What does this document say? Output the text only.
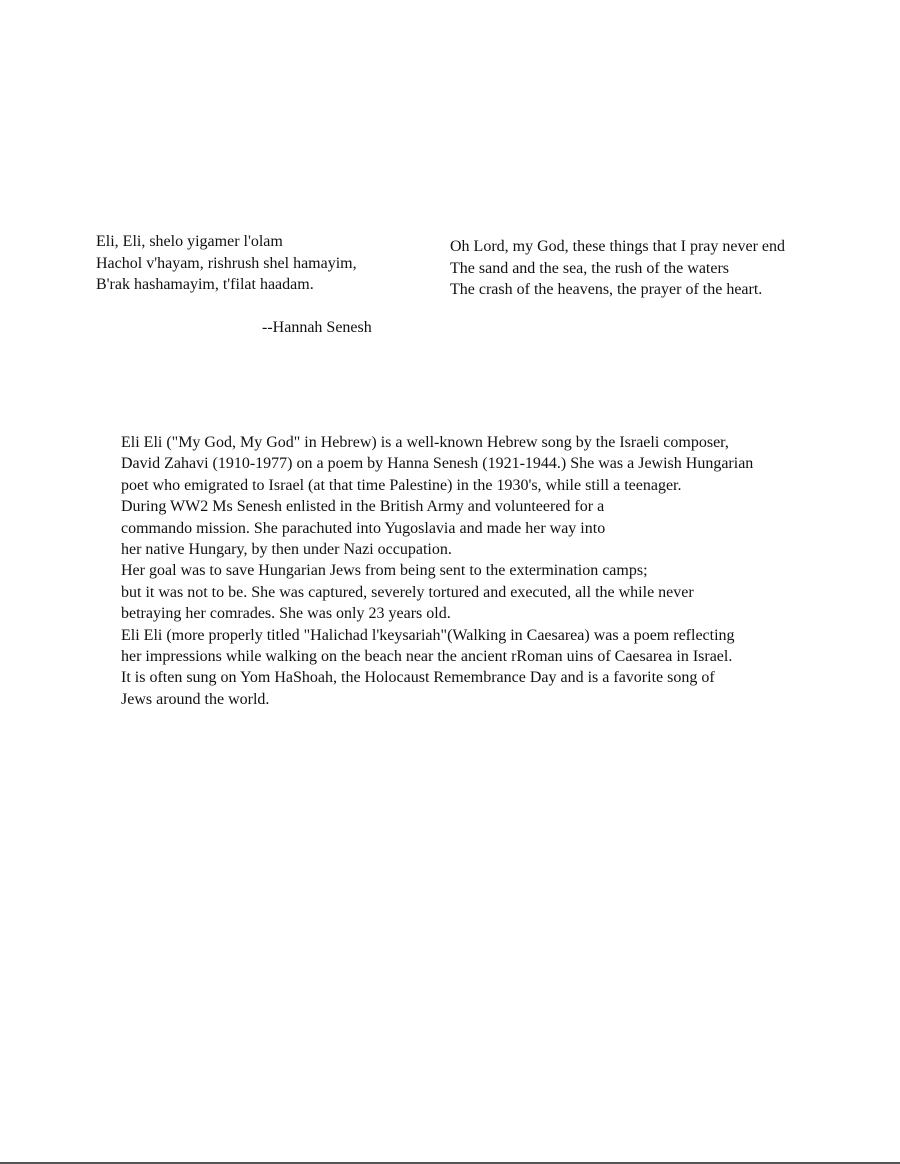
Eli, Eli, shelo yigamer l'olam
Hachol v'hayam, rishrush shel hamayim,
B'rak hashamayim, t'filat haadam.
Oh Lord, my God, these things that I pray never end
The sand and the sea, the rush of the waters
The crash of the heavens, the prayer of the heart.
--Hannah Senesh
Eli Eli ("My God, My God" in Hebrew) is a well-known Hebrew song by the Israeli composer,
David Zahavi (1910-1977) on a poem by Hanna Senesh (1921-1944.) She was a Jewish Hungarian
poet who emigrated to Israel (at that time Palestine) in the 1930's, while still a teenager.
During WW2 Ms Senesh enlisted in the British Army and volunteered for a
commando mission. She parachuted into Yugoslavia and made her way into
her native Hungary, by then under Nazi occupation.
Her goal was to save Hungarian Jews from being sent to the extermination camps;
but it was not to be. She was captured, severely tortured and executed, all the while never
betraying her comrades. She was only 23 years old.
Eli Eli (more properly titled "Halichad l'keysariah"(Walking in Caesarea) was a poem reflecting
her impressions while walking on the beach near the ancient rRoman uins of Caesarea in Israel.
It is often sung on Yom HaShoah, the Holocaust Remembrance Day and is a favorite song of
Jews around the world.
